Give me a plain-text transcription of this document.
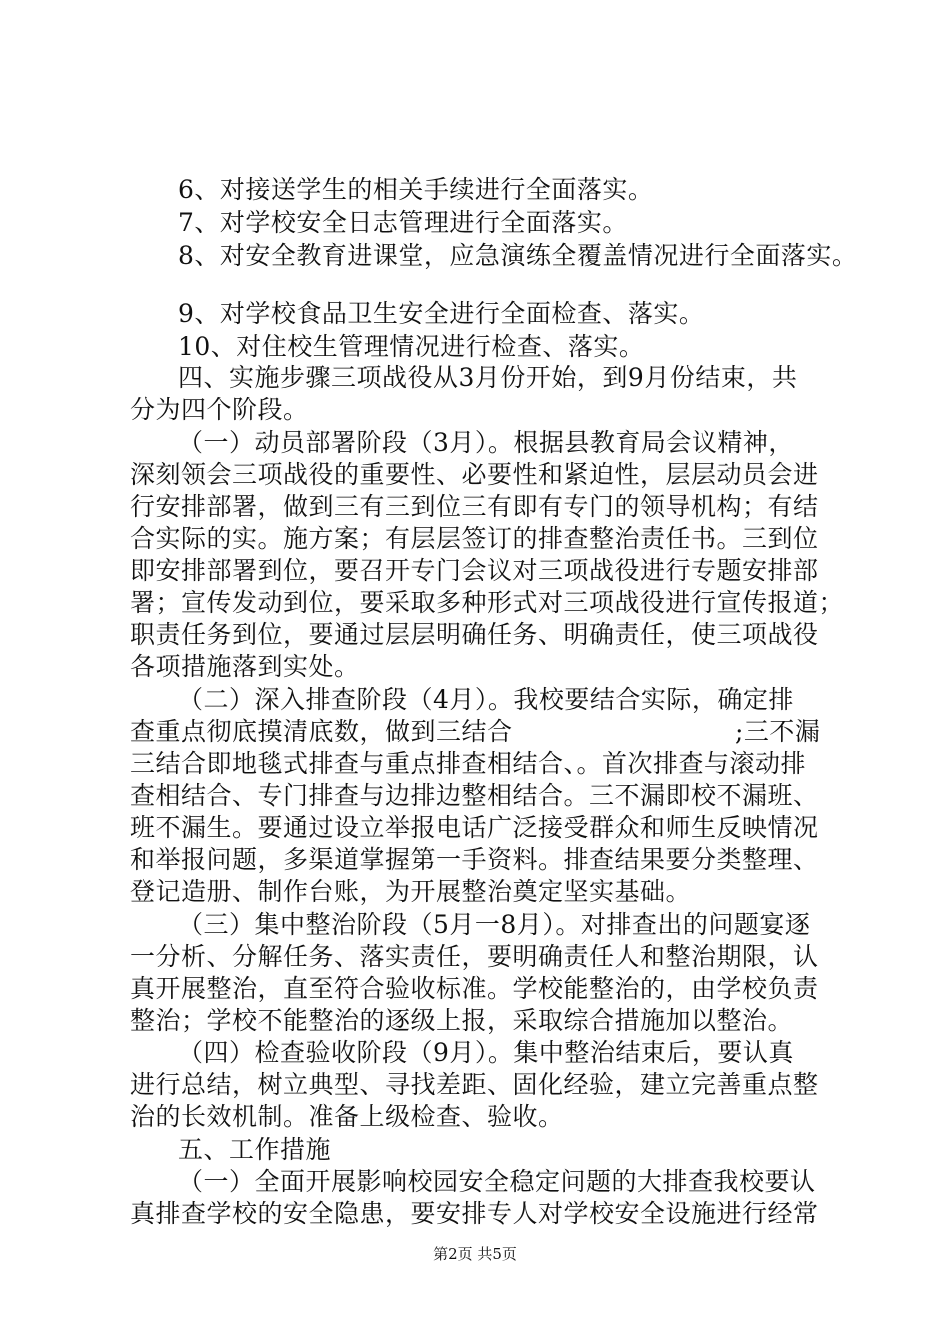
6、对接送学生的相关手续进行全面落实。
7、对学校安全日志管理进行全面落实。
8、对安全教育进课堂，应急演练全覆盖情况进行全面落实。
9、对学校食品卫生安全进行全面检查、落实。
10、对住校生管理情况进行检查、落实。
四、实施步骤三项战役从3月份开始，到9月份结束，共
分为四个阶段。
（一）动员部署阶段（3月）。根据县教育局会议精神，
深刻领会三项战役的重要性、必要性和紧迫性，层层动员会进
行安排部署，做到三有三到位三有即有专门的领导机构；有结
合实际的实。施方案；有层层签订的排查整治责任书。三到位
即安排部署到位，要召开专门会议对三项战役进行专题安排部
署；宣传发动到位，要采取多种形式对三项战役进行宣传报道；
职责任务到位，要通过层层明确任务、明确责任，使三项战役
各项措施落到实处。
（二）深入排查阶段（4月）。我校要结合实际，确定排
查重点彻底摸清底数，做到三结合	;三不漏
三结合即地毯式排查与重点排查相结合、。首次排查与滚动排
查相结合、专门排查与边排边整相结合。三不漏即校不漏班、
班不漏生。要通过设立举报电话广泛接受群众和师生反映情况
和举报问题，多渠道掌握第一手资料。排查结果要分类整理、
登记造册、制作台账，为开展整治奠定坚实基础。
（三）集中整治阶段（5月一8月）。对排查出的问题宴逐
一分析、分解任务、落实责任，要明确责任人和整治期限，认
真开展整治，直至符合验收标准。学校能整治的，由学校负责
整治；学校不能整治的逐级上报，采取综合措施加以整治。
（四）检查验收阶段（9月）。集中整治结束后，要认真
进行总结，树立典型、寻找差距、固化经验，建立完善重点整
治的长效机制。准备上级检查、验收。
五、工作措施
（一）全面开展影响校园安全稳定问题的大排查我校要认
真排查学校的安全隐患，要安排专人对学校安全设施进行经常
第2页 共5页
